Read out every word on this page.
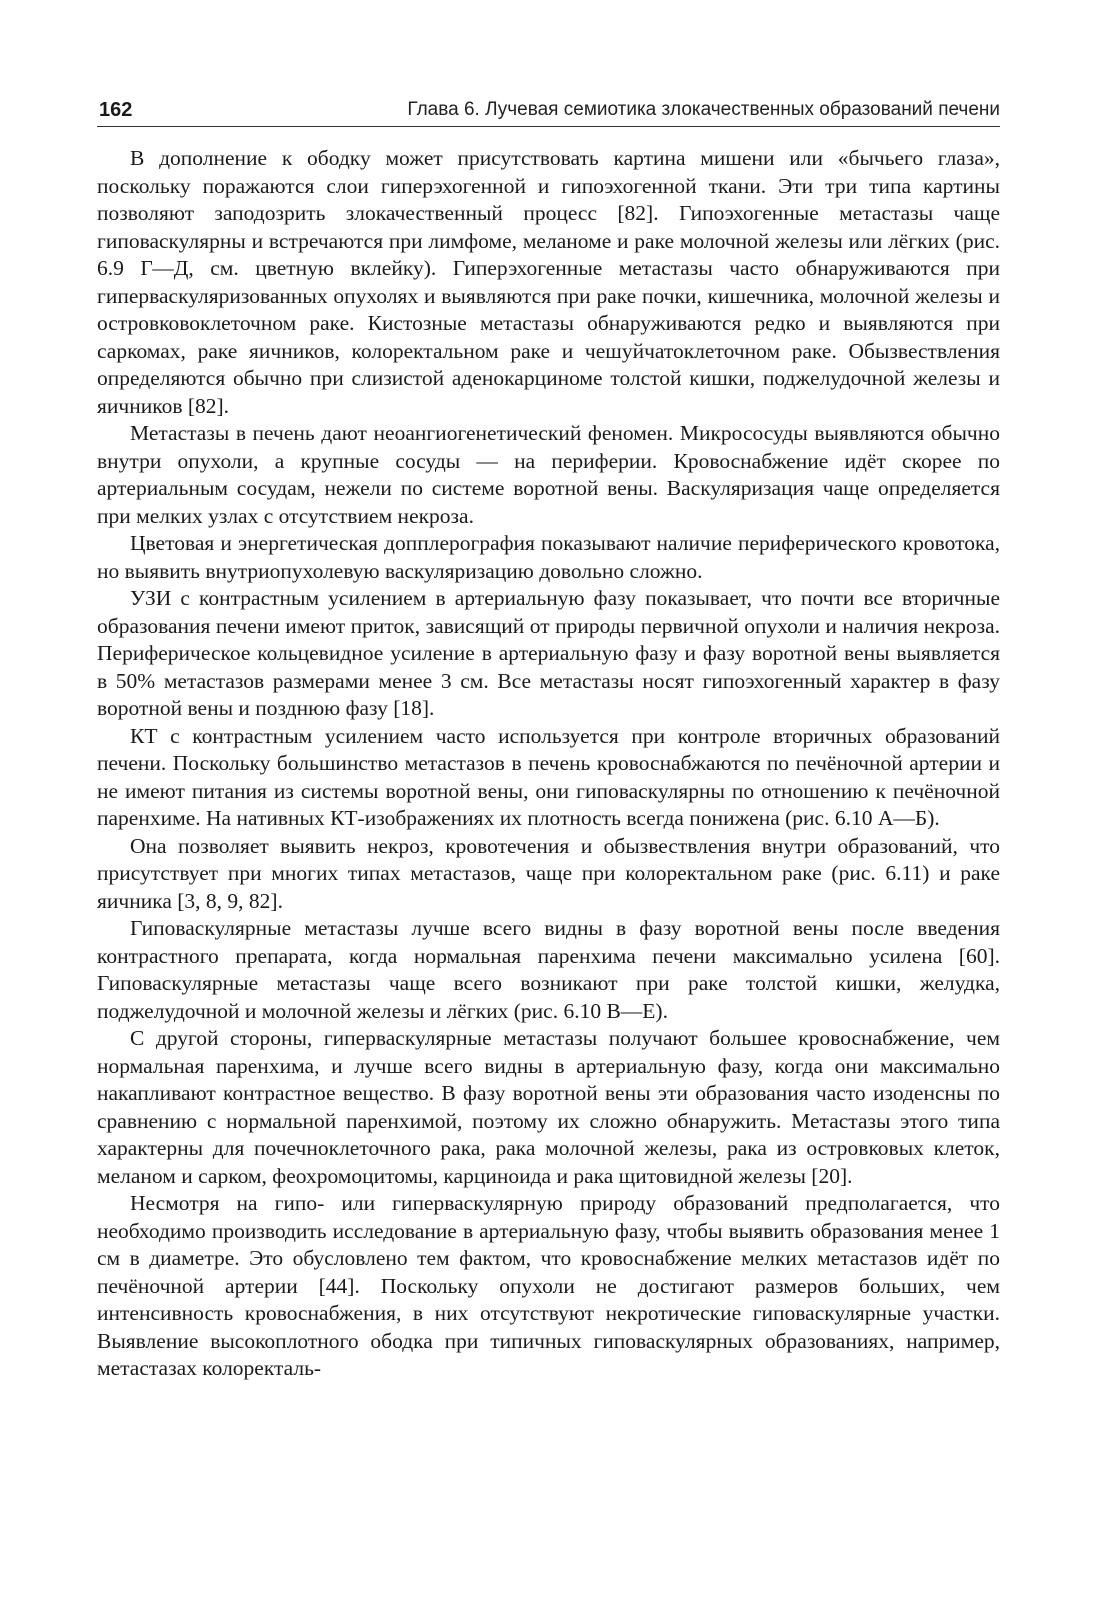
162	Глава 6. Лучевая семиотика злокачественных образований печени

В дополнение к ободку может присутствовать картина мишени или «бычьего глаза», поскольку поражаются слои гиперэхогенной и гипоэхогенной ткани. Эти три типа картины позволяют заподозрить злокачественный процесс [82]. Гипоэхогенные метастазы чаще гиповаскулярны и встречаются при лимфоме, меланоме и раке молочной железы или лёгких (рис. 6.9 Г—Д, см. цветную вклейку). Гиперэхогенные метастазы часто обнаруживаются при гиперваскуляризованных опухолях и выявляются при раке почки, кишечника, молочной железы и островковоклеточном раке. Кистозные метастазы обнаруживаются редко и выявляются при саркомах, раке яичников, колоректальном раке и чешуйчатоклеточном раке. Обызвествления определяются обычно при слизистой аденокарциноме толстой кишки, поджелудочной железы и яичников [82].

Метастазы в печень дают неоангиогенетический феномен. Микрососуды выявляются обычно внутри опухоли, а крупные сосуды — на периферии. Кровоснабжение идёт скорее по артериальным сосудам, нежели по системе воротной вены. Васкуляризация чаще определяется при мелких узлах с отсутствием некроза.

Цветовая и энергетическая допплерография показывают наличие периферического кровотока, но выявить внутриопухолевую васкуляризацию довольно сложно.

УЗИ с контрастным усилением в артериальную фазу показывает, что почти все вторичные образования печени имеют приток, зависящий от природы первичной опухоли и наличия некроза. Периферическое кольцевидное усиление в артериальную фазу и фазу воротной вены выявляется в 50% метастазов размерами менее 3 см. Все метастазы носят гипоэхогенный характер в фазу воротной вены и позднюю фазу [18].

КТ с контрастным усилением часто используется при контроле вторичных образований печени. Поскольку большинство метастазов в печень кровоснабжаются по печёночной артерии и не имеют питания из системы воротной вены, они гиповаскулярны по отношению к печёночной паренхиме. На нативных КТ-изображениях их плотность всегда понижена (рис. 6.10 А—Б).

Она позволяет выявить некроз, кровотечения и обызвествления внутри образований, что присутствует при многих типах метастазов, чаще при колоректальном раке (рис. 6.11) и раке яичника [3, 8, 9, 82].

Гиповаскулярные метастазы лучше всего видны в фазу воротной вены после введения контрастного препарата, когда нормальная паренхима печени максимально усилена [60]. Гиповаскулярные метастазы чаще всего возникают при раке толстой кишки, желудка, поджелудочной и молочной железы и лёгких (рис. 6.10 В—Е).

С другой стороны, гиперваскулярные метастазы получают большее кровоснабжение, чем нормальная паренхима, и лучше всего видны в артериальную фазу, когда они максимально накапливают контрастное вещество. В фазу воротной вены эти образования часто изоденсны по сравнению с нормальной паренхимой, поэтому их сложно обнаружить. Метастазы этого типа характерны для почечноклеточного рака, рака молочной железы, рака из островковых клеток, меланом и сарком, феохромоцитомы, карциноида и рака щитовидной железы [20].

Несмотря на гипо- или гиперваскулярную природу образований предполагается, что необходимо производить исследование в артериальную фазу, чтобы выявить образования менее 1 см в диаметре. Это обусловлено тем фактом, что кровоснабжение мелких метастазов идёт по печёночной артерии [44]. Поскольку опухоли не достигают размеров больших, чем интенсивность кровоснабжения, в них отсутствуют некротические гиповаскулярные участки. Выявление высокоплотного ободка при типичных гиповаскулярных образованиях, например, метастазах колоректаль-
